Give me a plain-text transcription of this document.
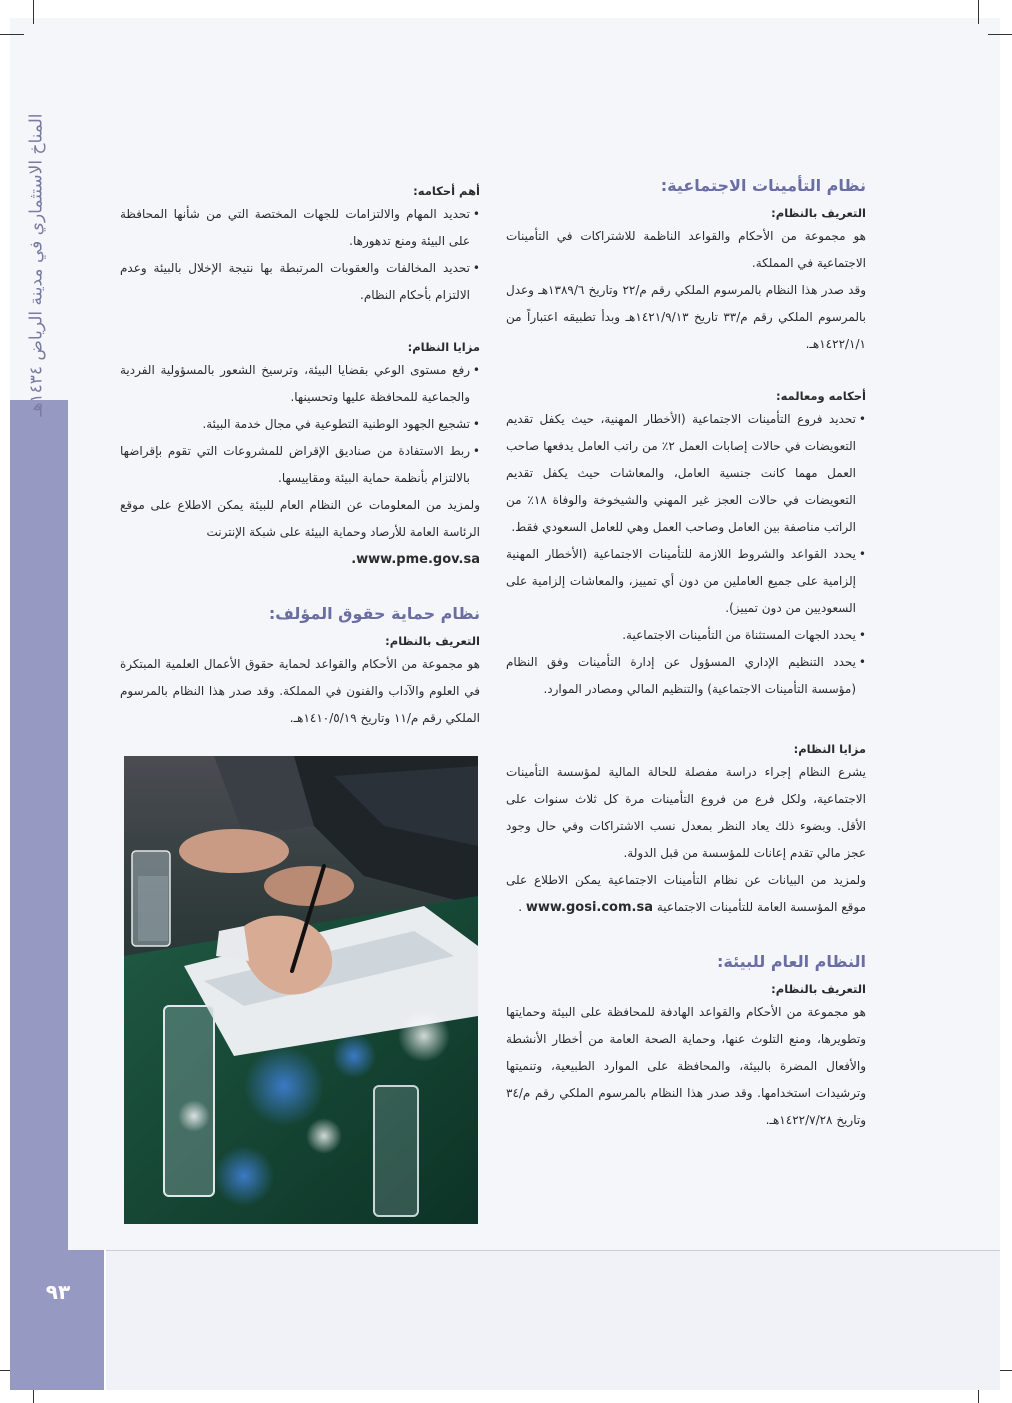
المناخ الاستثماري في مدينة الرياض ١٤٣٤هـ
٩٣
نظام التأمينات الاجتماعية:
التعريف بالنظام:

هو مجموعة من الأحكام والقواعد الناظمة للاشتراكات في التأمينات الاجتماعية في المملكة.

وقد صدر هذا النظام بالمرسوم الملكي رقم م/٢٢ وتاريخ ١٣٨٩/٦هـ وعدل بالمرسوم الملكي رقم م/٣٣ تاريخ ١٤٢١/٩/١٣هـ وبدأ تطبيقه اعتباراً من ١٤٢٢/١/١هـ.

أحكامه ومعالمه:
• تحديد فروع التأمينات الاجتماعية (الأخطار المهنية، حيث يكفل تقديم التعويضات في حالات إصابات العمل ٢٪ من راتب العامل يدفعها صاحب العمل مهما كانت جنسية العامل، والمعاشات حيث يكفل تقديم التعويضات في حالات العجز غير المهني والشيخوخة والوفاة ١٨٪ من الراتب مناصفة بين العامل وصاحب العمل وهي للعامل السعودي فقط.
• يحدد القواعد والشروط اللازمة للتأمينات الاجتماعية (الأخطار المهنية إلزامية على جميع العاملين من دون أي تمييز، والمعاشات إلزامية على السعوديين من دون تمييز).
• يحدد الجهات المستثناة من التأمينات الاجتماعية.
• يحدد التنظيم الإداري المسؤول عن إدارة التأمينات وفق النظام (مؤسسة التأمينات الاجتماعية) والتنظيم المالي ومصادر الموارد.
مزايا النظام:

يشرع النظام إجراء دراسة مفصلة للحالة المالية لمؤسسة التأمينات الاجتماعية، ولكل فرع من فروع التأمينات مرة كل ثلاث سنوات على الأقل. وبضوء ذلك يعاد النظر بمعدل نسب الاشتراكات وفي حال وجود عجز مالي تقدم إعانات للمؤسسة من قبل الدولة.

ولمزيد من البيانات عن نظام التأمينات الاجتماعية يمكن الاطلاع على موقع المؤسسة العامة للتأمينات الاجتماعية www.gosi.com.sa .

النظام العام للبيئة:
التعريف بالنظام:

هو مجموعة من الأحكام والقواعد الهادفة للمحافظة على البيئة وحمايتها وتطويرها، ومنع التلوث عنها، وحماية الصحة العامة من أخطار الأنشطة والأفعال المضرة بالبيئة، والمحافظة على الموارد الطبيعية، وتنميتها وترشيدات استخدامها. وقد صدر هذا النظام بالمرسوم الملكي رقم م/٣٤ وتاريخ ١٤٢٢/٧/٢٨هـ.

أهم أحكامه:
• تحديد المهام والالتزامات للجهات المختصة التي من شأنها المحافظة على البيئة ومنع تدهورها.
• تحديد المخالفات والعقوبات المرتبطة بها نتيجة الإخلال بالبيئة وعدم الالتزام بأحكام النظام.
مزايا النظام:
• رفع مستوى الوعي بقضايا البيئة، وترسيخ الشعور بالمسؤولية الفردية والجماعية للمحافظة عليها وتحسينها.
• تشجيع الجهود الوطنية التطوعية في مجال خدمة البيئة.
• ربط الاستفادة من صناديق الإقراض للمشروعات التي تقوم بإقراضها بالالتزام بأنظمة حماية البيئة ومقاييسها.

ولمزيد من المعلومات عن النظام العام للبيئة يمكن الاطلاع على موقع الرئاسة العامة للأرصاد وحماية البيئة على شبكة الإنترنت

www.pme.gov.sa.

نظام حماية حقوق المؤلف:
التعريف بالنظام:

هو مجموعة من الأحكام والقواعد لحماية حقوق الأعمال العلمية المبتكرة في العلوم والآداب والفنون في المملكة. وقد صدر هذا النظام بالمرسوم الملكي رقم م/١١ وتاريخ ١٤١٠/٥/١٩هـ.
